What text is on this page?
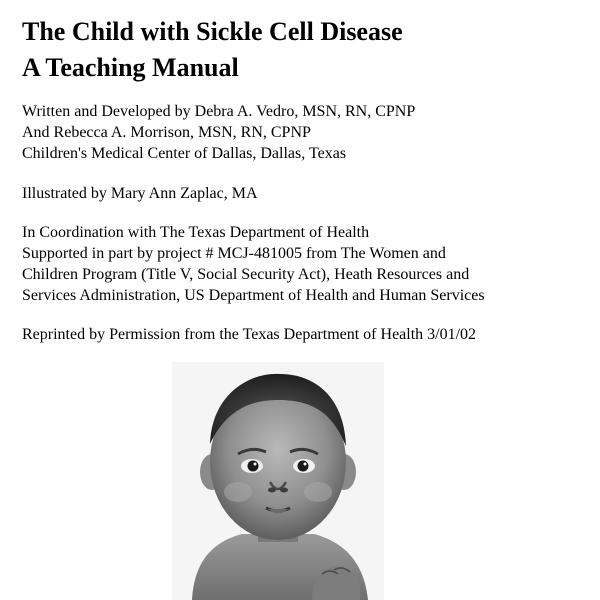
The Child with Sickle Cell Disease
A Teaching Manual
Written and Developed by Debra A. Vedro, MSN, RN, CPNP
And Rebecca A. Morrison, MSN, RN, CPNP
Children's Medical Center of Dallas, Dallas, Texas
Illustrated by Mary Ann Zaplac, MA
In Coordination with The Texas Department of Health
Supported in part by project # MCJ-481005 from The Women and
Children Program (Title V, Social Security Act), Heath Resources and
Services Administration, US Department of Health and Human Services
Reprinted by Permission from the Texas Department of Health 3/01/02
